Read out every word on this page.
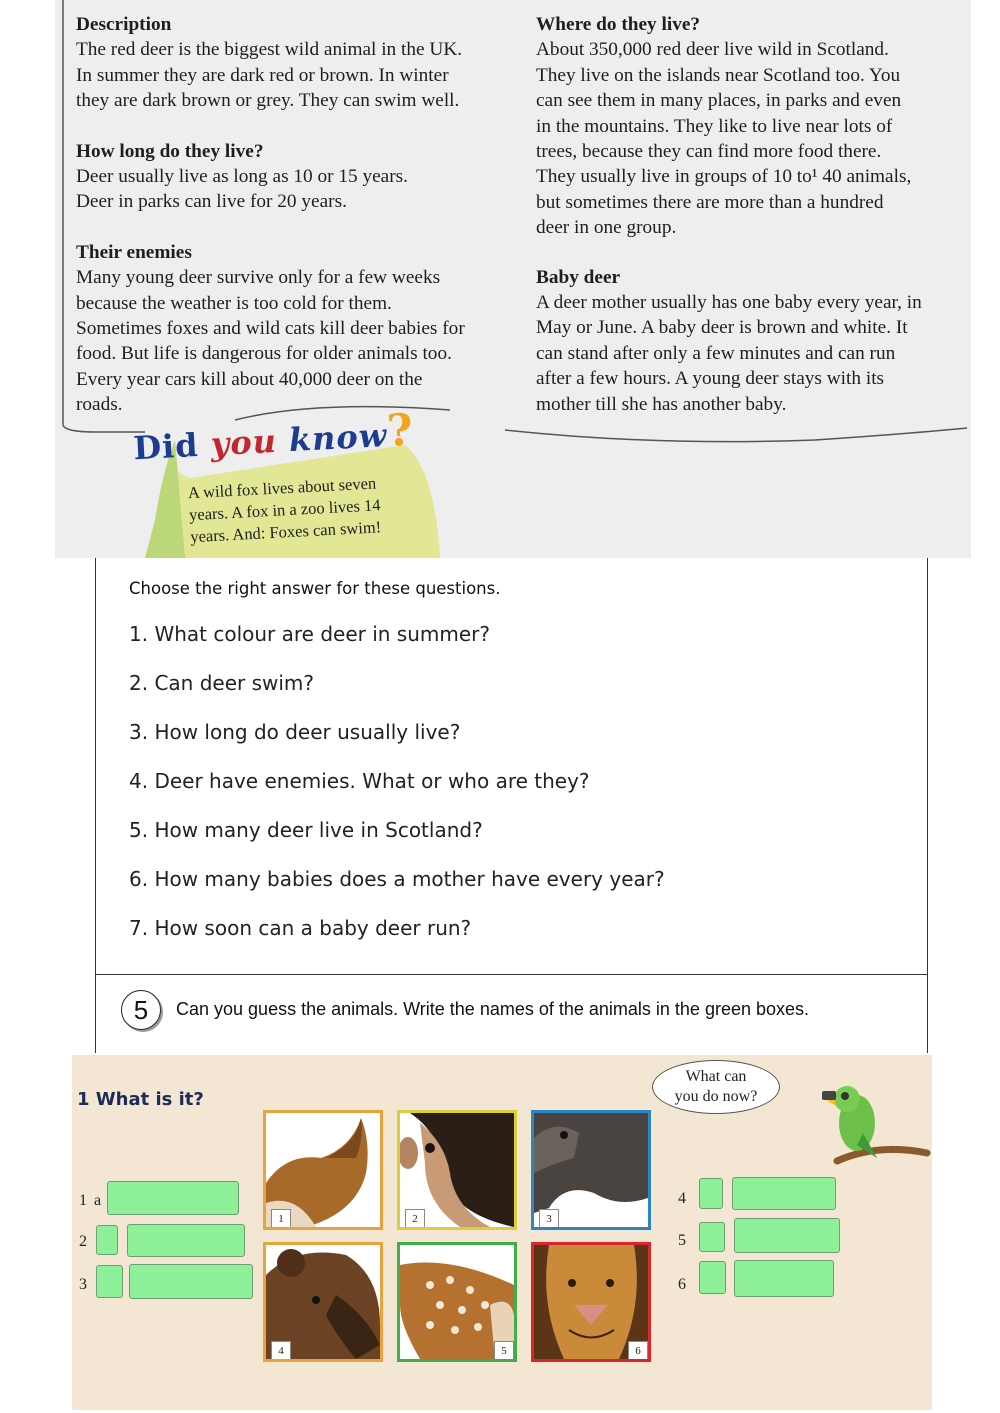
Description

The red deer is the biggest wild animal in the UK.

In summer they are dark red or brown. In winter

they are dark brown or grey. They can swim well.

How long do they live?

Deer usually live as long as 10 or 15 years.

Deer in parks can live for 20 years.

Their enemies

Many young deer survive only for a few weeks

because the weather is too cold for them.

Sometimes foxes and wild cats kill deer babies for

food. But life is dangerous for older animals too.

Every year cars kill about 40,000 deer on the

roads.

Where do they live?

About 350,000 red deer live wild in Scotland.

They live on the islands near Scotland too. You

can see them in many places, in parks and even

in the mountains. They like to live near lots of

trees, because they can find more food there.

They usually live in groups of 10 to¹ 40 animals,

but sometimes there are more than a hundred

deer in one group.

Baby deer

A deer mother usually has one baby every year, in

May or June. A baby deer is brown and white. It

can stand after only a few minutes and can run

after a few hours. A young deer stays with its

mother till she has another baby.

Did you know?
A wild fox lives about seven
years. A fox in a zoo lives 14
years. And: Foxes can swim!
Choose the right answer for these questions.
1. What colour are deer in summer?
2. Can deer swim?
3. How long do deer usually live?
4. Deer have enemies. What or who are they?
5. How many deer live in Scotland?
6. How many babies does a mother have every year?
7. How soon can a baby deer run?
5	Can you guess the animals. Write the names of the animals in the green boxes.
1 What is it?
What can
you do now?
1 a
2
3
4
5
6
1	2	3
4	5	6
